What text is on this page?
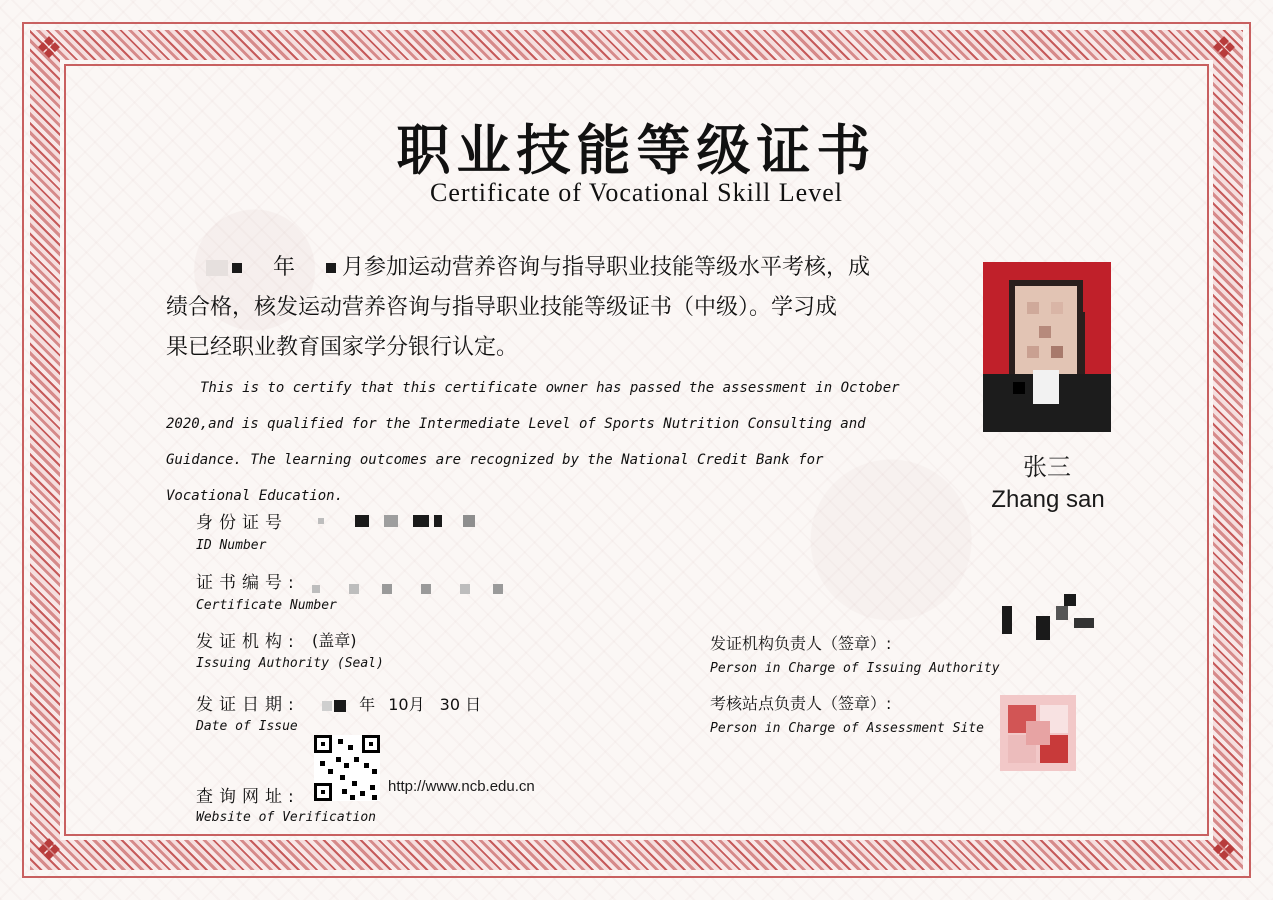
❖	❖
❖	❖
职业技能等级证书
Certificate of Vocational Skill Level
年 月参加运动营养咨询与指导职业技能等级水平考核，成
绩合格，核发运动营养咨询与指导职业技能等级证书（中级）。学习成
果已经职业教育国家学分银行认定。
This is to certify that this certificate owner has passed the assessment in October 2020,and is qualified for the Intermediate Level of Sports Nutrition Consulting and Guidance. The learning outcomes are recognized by the National Credit Bank for Vocational Education.
张三
Zhang san
身份证号

ID Number
证书编号:

Certificate Number
发证机构: (盖章)
Issuing Authority (Seal)
发证日期:	年 10月 30 日
Date of Issue
查询网址:
http://www.ncb.edu.cn
Website of Verification
发证机构负责人（签章）:
Person in Charge of Issuing Authority
考核站点负责人（签章）:
Person in Charge of Assessment Site
